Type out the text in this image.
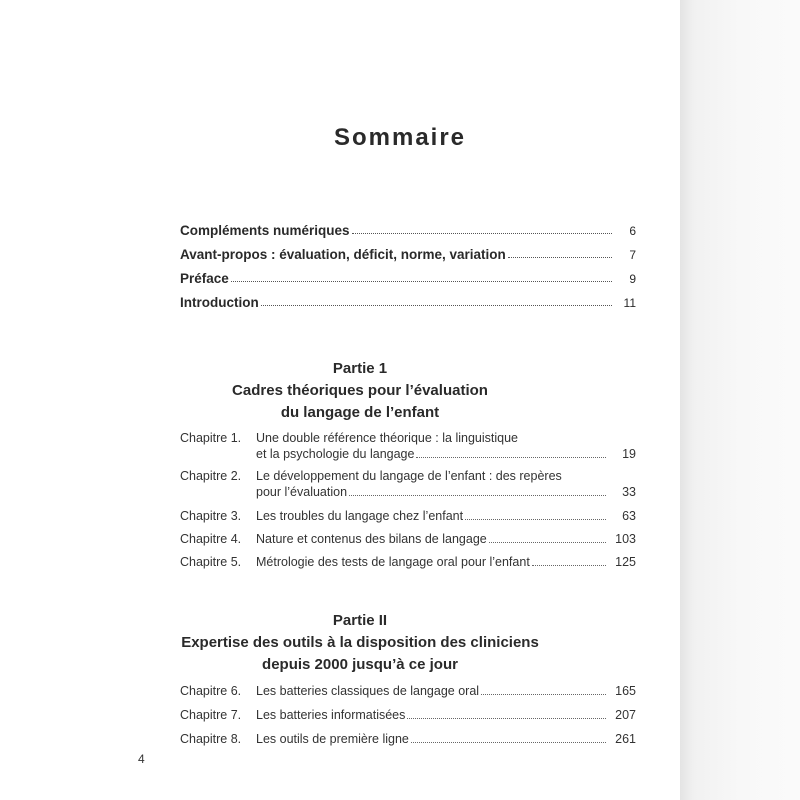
Sommaire
Compléments numériques	6
Avant-propos : évaluation, déficit, norme, variation	7
Préface	9
Introduction	11
Partie 1
Cadres théoriques pour l’évaluation
du langage de l’enfant
Chapitre 1. Une double référence théorique : la linguistique
et la psychologie du langage	19
Chapitre 2. Le développement du langage de l’enfant : des repères
pour l’évaluation	33
Chapitre 3. Les troubles du langage chez l’enfant	63
Chapitre 4. Nature et contenus des bilans de langage	103
Chapitre 5. Métrologie des tests de langage oral pour l’enfant	125
Partie II
Expertise des outils à la disposition des cliniciens
depuis 2000 jusqu’à ce jour
Chapitre 6. Les batteries classiques de langage oral	165
Chapitre 7. Les batteries informatisées	207
Chapitre 8. Les outils de première ligne	261
4
